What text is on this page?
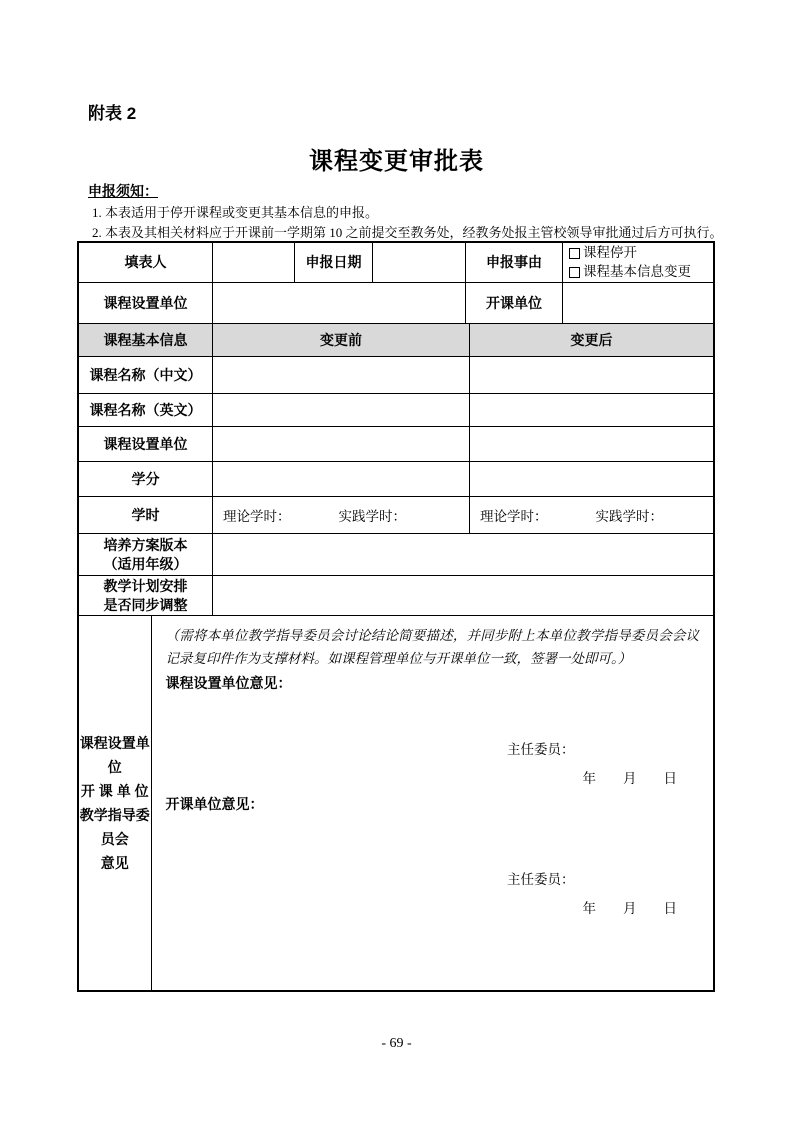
附表 2
课程变更审批表
申报须知：
1. 本表适用于停开课程或变更其基本信息的申报。
2. 本表及其相关材料应于开课前一学期第 10 之前提交至教务处，经教务处报主管校领导审批通过后方可执行。
填表人	申报日期	申报事由
课程停开
课程基本信息变更
课程设置单位	开课单位
课程基本信息	变更前	变更后
课程名称（中文）
课程名称（英文）
课程设置单位
学分
学时	理论学时：	实践学时：	理论学时：	实践学时：
培养方案版本
（适用年级）
教学计划安排
是否同步调整
课程设置单位
开 课 单 位
教学指导委员会
意见
（需将本单位教学指导委员会讨论结论简要描述，并同步附上本单位教学指导委员会会议记录复印件作为支撑材料。如课程管理单位与开课单位一致，签署一处即可。）
课程设置单位意见：
主任委员：
年　　月　　日
开课单位意见：
主任委员：
年　　月　　日
- 69 -
